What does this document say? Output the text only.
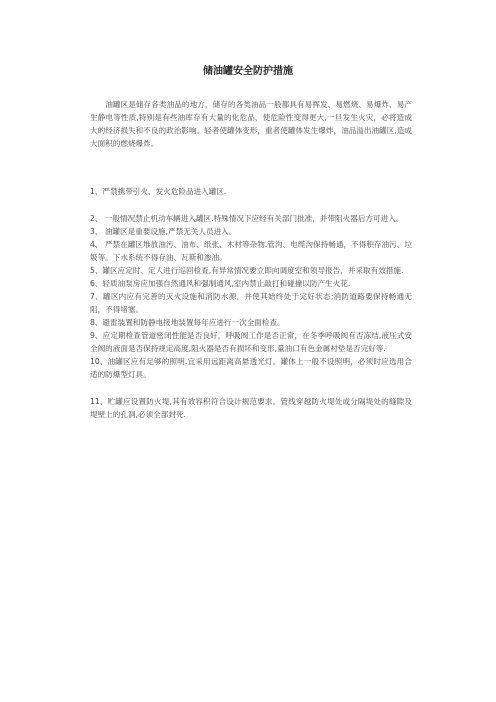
储油罐安全防护措施

油罐区是储存各类油品的地方，储存的各类油品一般都具有易挥发、易燃烧、易爆炸、易产生静电等性质,特别是有些油库存有大量的化危品，使危险性变得更大,一旦发生火灾，必将造成大的经济损失和不良的政治影响。轻者使罐体变形，重者使罐体发生爆炸，油品溢出油罐区,造成大面积的燃烧爆炸。

1、严禁携带引火、发火危险品进入罐区.

2、 一般情况禁止机动车辆进入罐区.特殊情况下应经有关部门批准，并带阻火器后方可进入。

3、 油罐区是重要设施,严禁无关人员进入。

4、 严禁在罐区堆放油污、油布、纸张、木材等杂物.管沟、电缆沟保持畅通，不得积存油污、垃圾等。下水系统不得存油、瓦斯和渗油。

5、罐区应定时、定人进行巡回检查,有异常情况要立即向调度室和领导报告，并采取有效措施.

6、轻质油泵房应加强自然通风和强制通风,室内禁止敲打和碰撞以防产生火花.

7、罐区内应有完善的灭火设施和消防水源，并使其始终处于完好状态;消防道路要保持畅通无阻，不得堵塞。

8、避雷装置和防静电接地装置每年应进行一次全面检查。

9、应定期检查管道密闭性能是否良好，呼吸阀工作是否正常，在冬季呼吸阀有否冻结,液压式安全阀的液面是否保持规定高度,阻火器是否有损坏和变形,量油口有色金属衬垫是否完好等.

10、油罐区应有足够的照明.宜采用远距离高悬透光灯。罐体上一般不设照明，必须时应选用合适的防爆型灯具。

11、贮罐应设置防火堤,其有效容积符合设计规范要求。管线穿越防火堤处或分隔堤处的缝隙及堤壁上的孔洞,必须全部封死.
